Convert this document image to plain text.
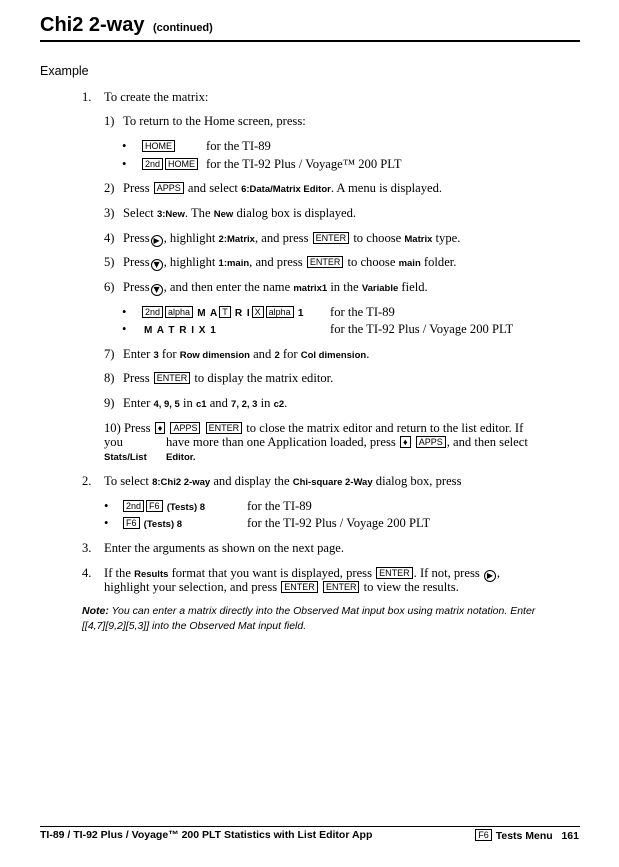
Chi2 2-way (continued)
Example
1. To create the matrix:
1) To return to the Home screen, press:
•	HOME	for the TI-89
•	2nd HOME for the TI-92 Plus / Voyage™ 200 PLT
2) Press APPS and select 6:Data/Matrix Editor. A menu is displayed.
3) Select 3:New. The New dialog box is displayed.
4) Press ▶ , highlight 2:Matrix, and press ENTER to choose Matrix type.
5) Press ▼ , highlight 1:main, and press ENTER to choose main folder.
6) Press ▼ , and then enter the name matrix1 in the Variable field.
•	2nd alpha M A T R I X alpha 1 for the TI-89
• M A T R I X 1	for the TI-92 Plus / Voyage 200 PLT
7) Enter 3 for Row dimension and 2 for Col dimension.
8) Press ENTER to display the matrix editor.
9) Enter 4, 9, 5 in c1 and 7, 2, 3 in c2.
10) Press ♦ APPS ENTER to close the matrix editor and return to the list editor. If
you	have more than one Application loaded, press ♦ APPS , and then select
Stats/List Editor.
2. To select 8:Chi2 2-way and display the Chi-square 2-Way dialog box, press
•	2nd F6 (Tests) 8	for the TI-89
•	F6 (Tests) 8	for the TI-92 Plus / Voyage 200 PLT
3. Enter the arguments as shown on the next page.
4. If the Results format that you want is displayed, press ENTER . If not, press ▶ ,
highlight your selection, and press ENTER ENTER to view the results.
Note: You can enter a matrix directly into the Observed Mat input box using matrix notation. Enter
[[4,7][9,2][5,3]] into the Observed Mat input field.
TI-89 / TI-92 Plus / Voyage™ 200 PLT Statistics with List Editor App	F6 Tests Menu   161
